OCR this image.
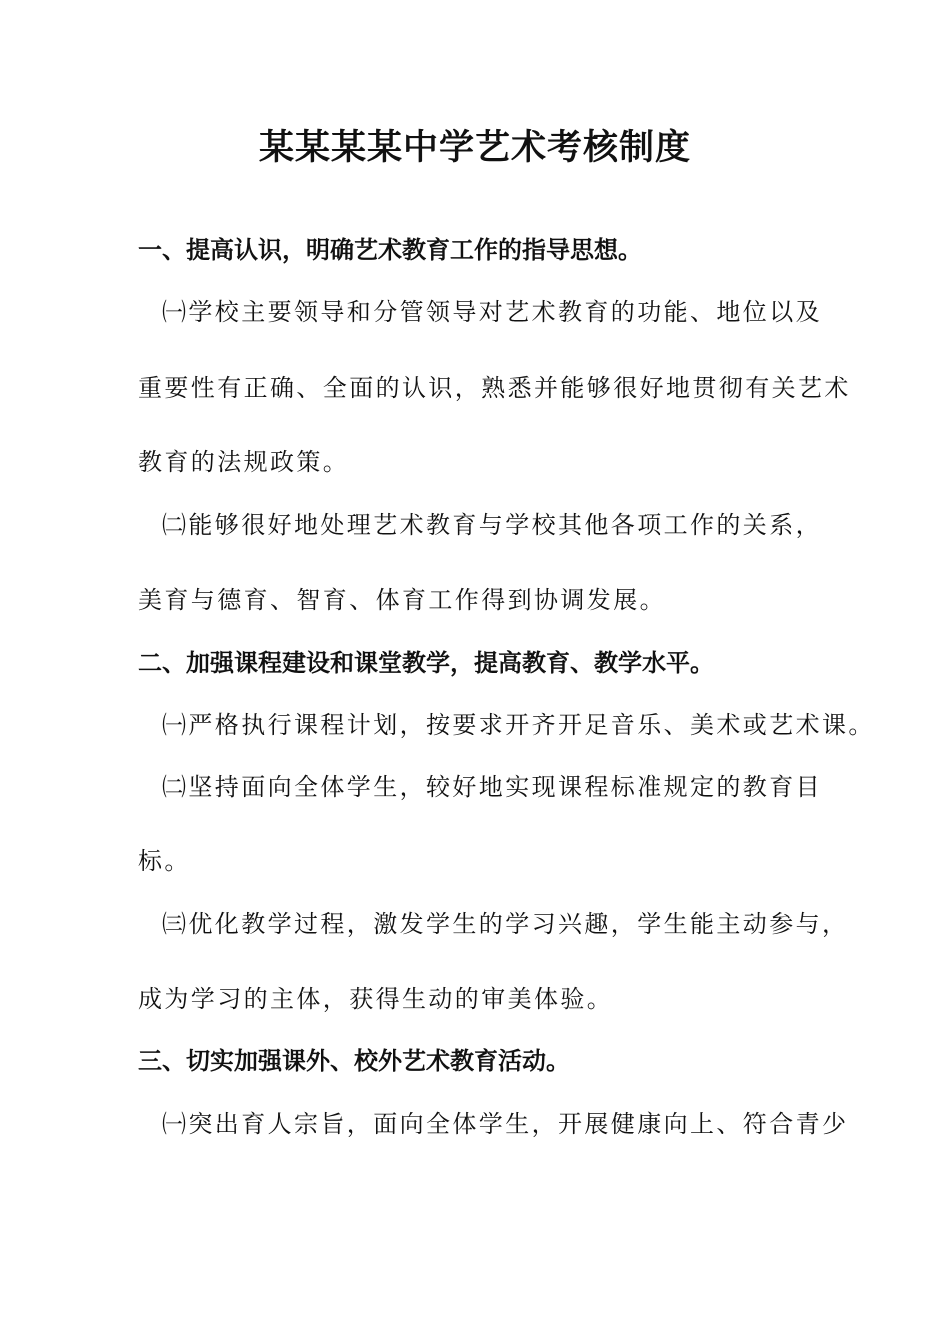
某某某某中学艺术考核制度

一、提高认识，明确艺术教育工作的指导思想。

㈠学校主要领导和分管领导对艺术教育的功能、地位以及

重要性有正确、全面的认识，熟悉并能够很好地贯彻有关艺术

教育的法规政策。

㈡能够很好地处理艺术教育与学校其他各项工作的关系，

美育与德育、智育、体育工作得到协调发展。

二、加强课程建设和课堂教学，提高教育、教学水平。

㈠严格执行课程计划，按要求开齐开足音乐、美术或艺术课。

㈡坚持面向全体学生，较好地实现课程标准规定的教育目

标。

㈢优化教学过程，激发学生的学习兴趣，学生能主动参与，

成为学习的主体，获得生动的审美体验。

三、切实加强课外、校外艺术教育活动。

㈠突出育人宗旨，面向全体学生，开展健康向上、符合青少
